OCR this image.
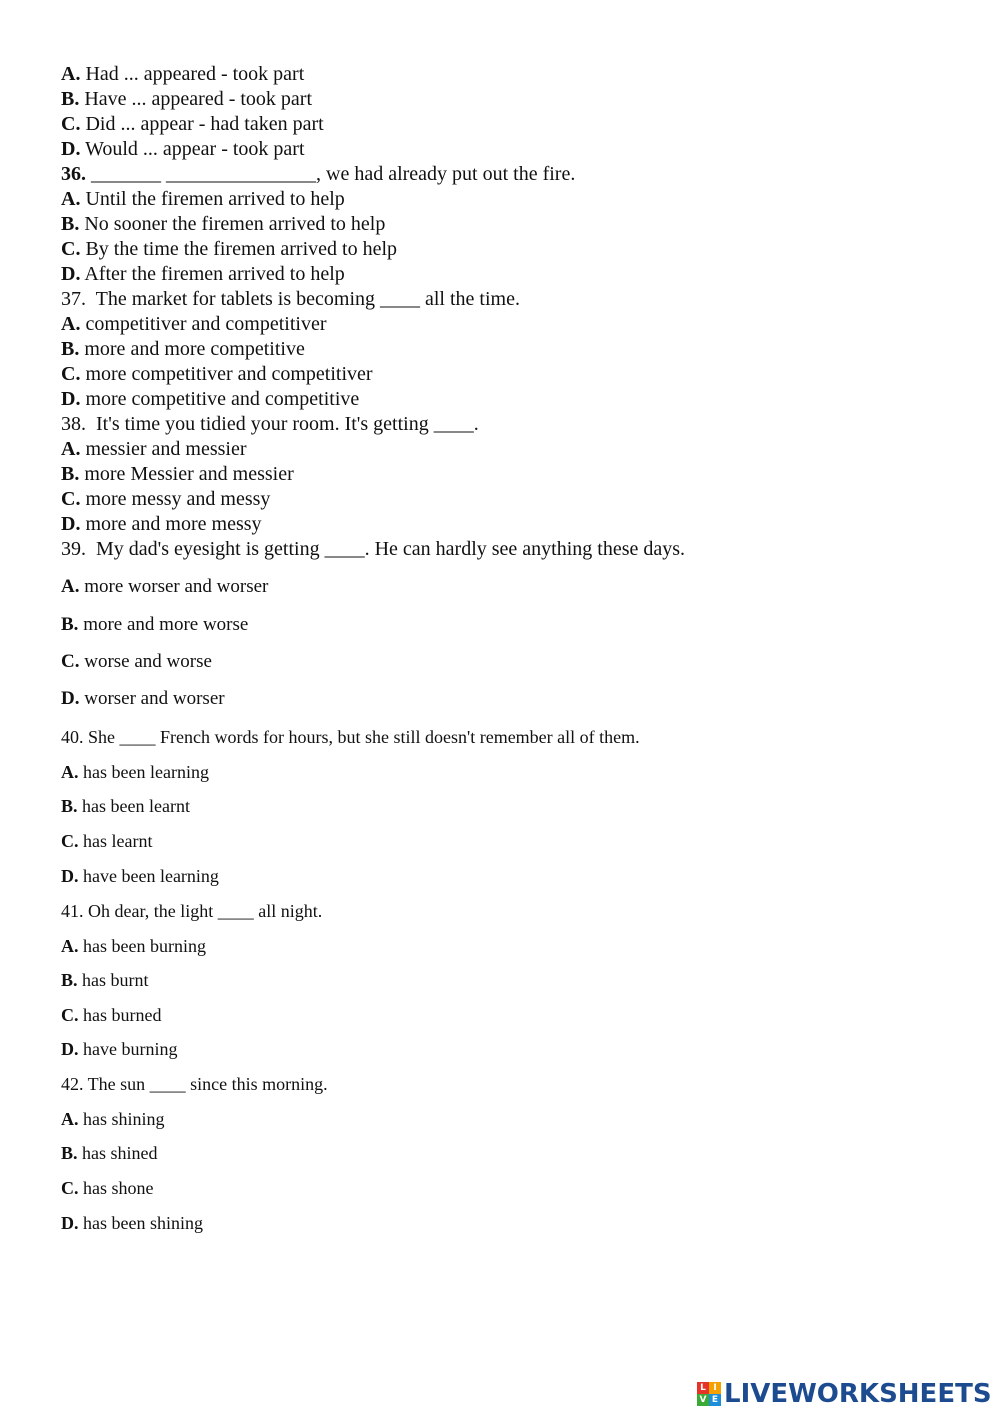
A. Had ... appeared - took part
B. Have ... appeared - took part
C. Did ... appear - had taken part
D. Would ... appear - took part
36. _______ _______________, we had already put out the fire.
A. Until the firemen arrived to help
B. No sooner the firemen arrived to help
C. By the time the firemen arrived to help
D. After the firemen arrived to help
37.  The market for tablets is becoming ____ all the time.
A. competitiver and competitiver
B. more and more competitive
C. more competitiver and competitiver
D. more competitive and competitive
38.  It's time you tidied your room. It's getting ____.
A. messier and messier
B. more Messier and messier
C. more messy and messy
D. more and more messy
39.  My dad's eyesight is getting ____. He can hardly see anything these days.
A. more worser and worser
B. more and more worse
C. worse and worse
D. worser and worser
40. She ____ French words for hours, but she still doesn't remember all of them.
A. has been learning
B. has been learnt
C. has learnt
D. have been learning
41. Oh dear, the light ____ all night.
A. has been burning
B. has burnt
C. has burned
D. have burning
42. The sun ____ since this morning.
A. has shining
B. has shined
C. has shone
D. has been shining
L I
V E LIVEWORKSHEETS
